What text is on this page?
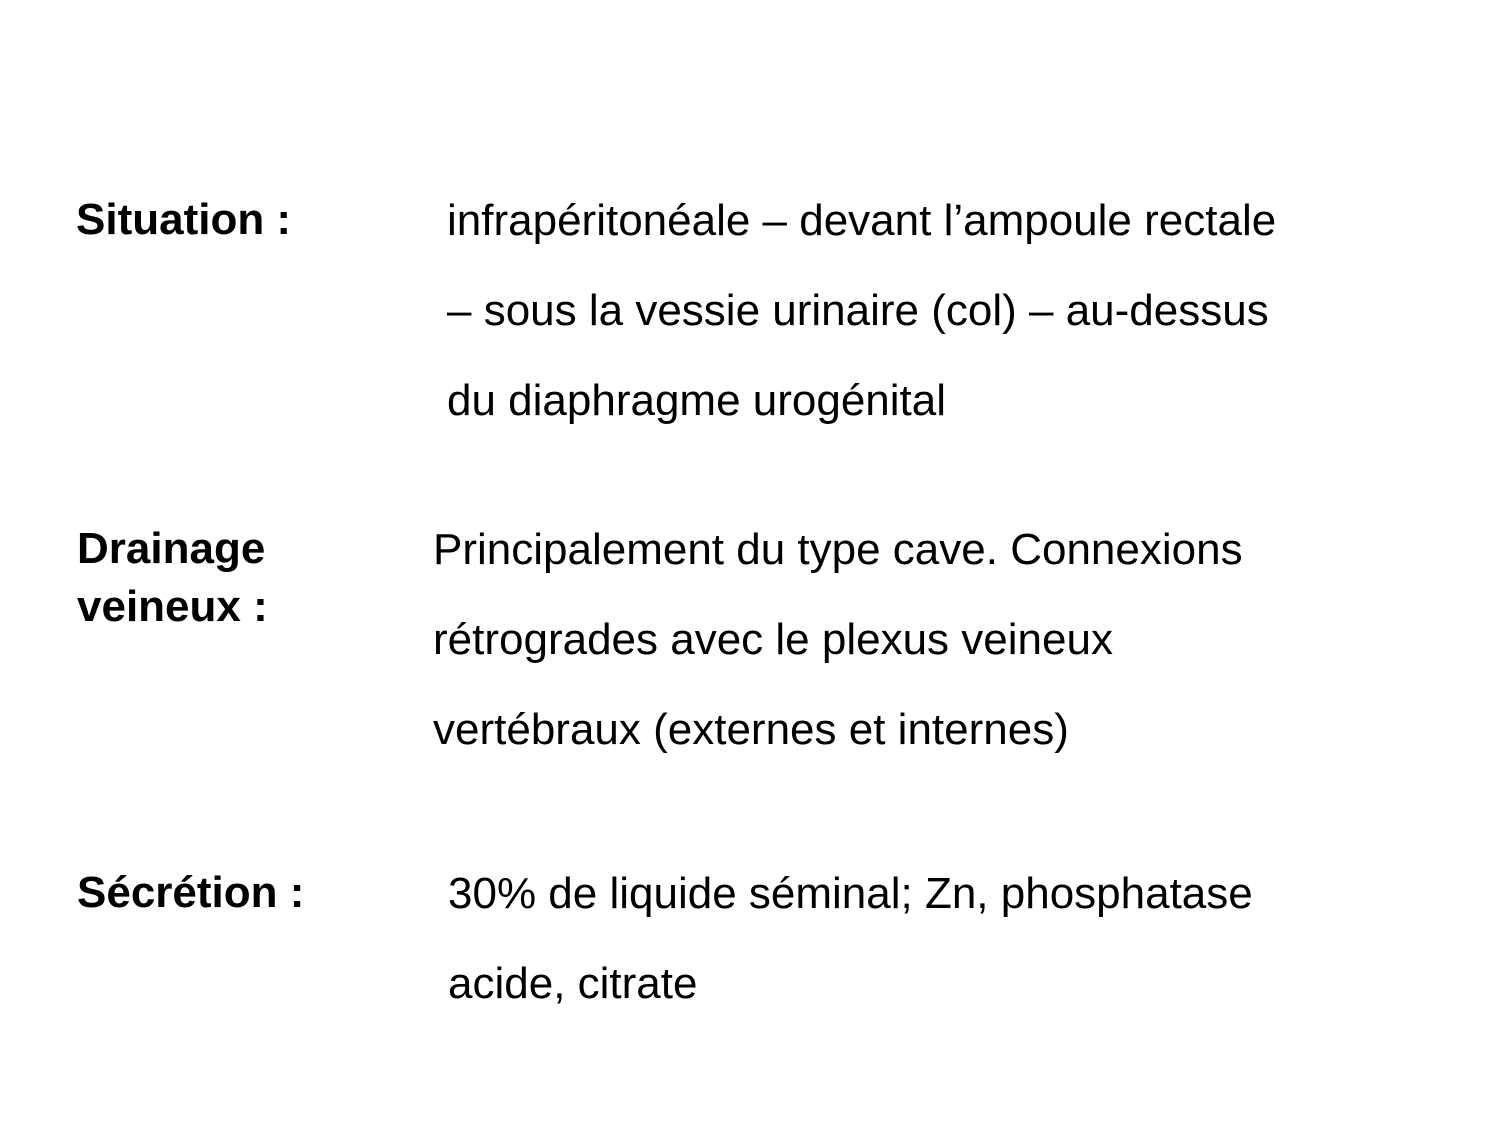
Situation :	infrapéritonéale – devant l’ampoule rectale
– sous la vessie urinaire (col) – au-dessus
du diaphragme urogénital

Drainage
veineux :

Principalement du type cave. Connexions
rétrogrades avec le plexus veineux
vertébraux (externes et internes)

Sécrétion :	30% de liquide séminal; Zn, phosphatase
acide, citrate
